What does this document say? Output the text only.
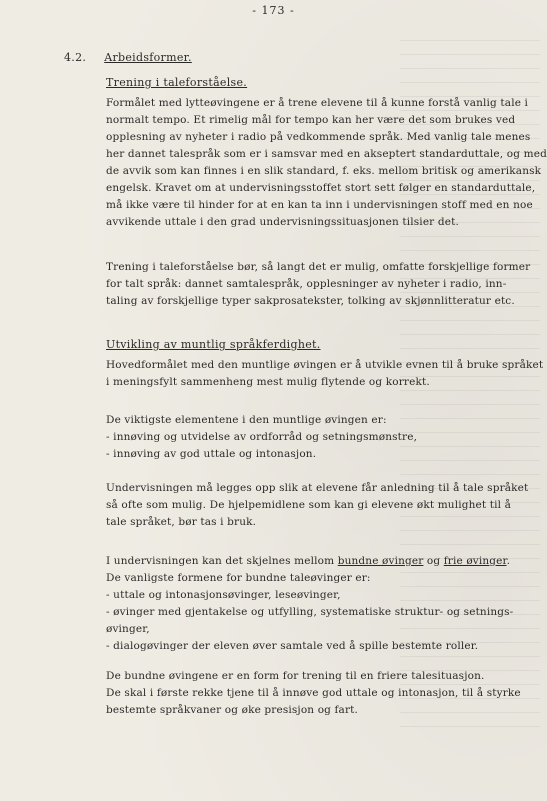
- 173 -
4.2. Arbeidsformer.
Trening i taleforståelse.
Formålet med lytteøvingene er å trene elevene til å kunne forstå vanlig tale i
normalt tempo. Et rimelig mål for tempo kan her være det som brukes ved
opplesning av nyheter i radio på vedkommende språk. Med vanlig tale menes
her dannet talespråk som er i samsvar med en akseptert standarduttale, og med
de avvik som kan finnes i en slik standard, f. eks. mellom britisk og amerikansk
engelsk. Kravet om at undervisningsstoffet stort sett følger en standarduttale,
må ikke være til hinder for at en kan ta inn i undervisningen stoff med en noe
avvikende uttale i den grad undervisningssituasjonen tilsier det.
Trening i taleforståelse bør, så langt det er mulig, omfatte forskjellige former
for talt språk: dannet samtalespråk, opplesninger av nyheter i radio, inn-
taling av forskjellige typer sakprosatekster, tolking av skjønnlitteratur etc.
Utvikling av muntlig språkferdighet.
Hovedformålet med den muntlige øvingen er å utvikle evnen til å bruke språket
i meningsfylt sammenheng mest mulig flytende og korrekt.
De viktigste elementene i den muntlige øvingen er:
- innøving og utvidelse av ordforråd og setningsmønstre,
- innøving av god uttale og intonasjon.
Undervisningen må legges opp slik at elevene får anledning til å tale språket
så ofte som mulig. De hjelpemidlene som kan gi elevene økt mulighet til å
tale språket, bør tas i bruk.
I undervisningen kan det skjelnes mellom bundne øvinger og frie øvinger.
De vanligste formene for bundne taleøvinger er:
- uttale og intonasjonsøvinger, leseøvinger,
- øvinger med gjentakelse og utfylling, systematiske struktur- og setnings-
øvinger,
- dialogøvinger der eleven øver samtale ved å spille bestemte roller.
De bundne øvingene er en form for trening til en friere talesituasjon.
De skal i første rekke tjene til å innøve god uttale og intonasjon, til å styrke
bestemte språkvaner og øke presisjon og fart.
